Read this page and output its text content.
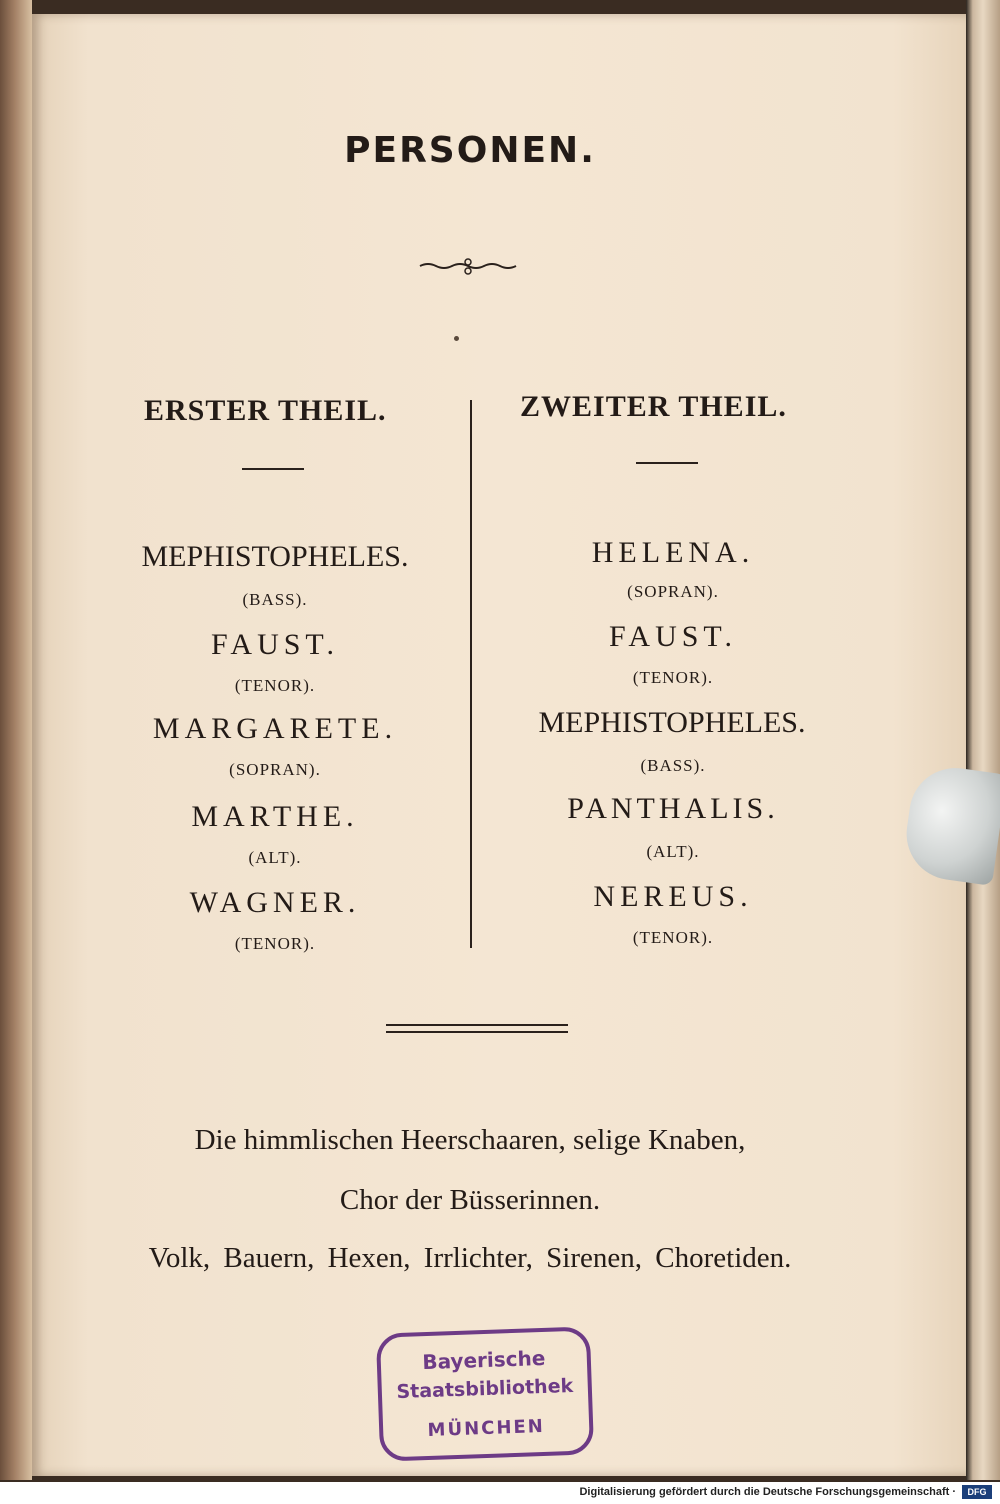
PERSONEN.
ERSTER THEIL.	ZWEITER THEIL.
MEPHISTOPHELES.
(BASS).
FAUST.
(TENOR).
MARGARETE.
(SOPRAN).
MARTHE.
(ALT).
WAGNER.
(TENOR).
HELENA.
(SOPRAN).
FAUST.
(TENOR).
MEPHISTOPHELES.
(BASS).
PANTHALIS.
(ALT).
NEREUS.
(TENOR).
Die himmlischen Heerschaaren, selige Knaben,
Chor der Büsserinnen.
Volk, Bauern, Hexen, Irrlichter, Sirenen, Choretiden.
Bayerische
Staatsbibliothek
MÜNCHEN
Digitalisierung gefördert durch die Deutsche Forschungsgemeinschaft ·	DFG
